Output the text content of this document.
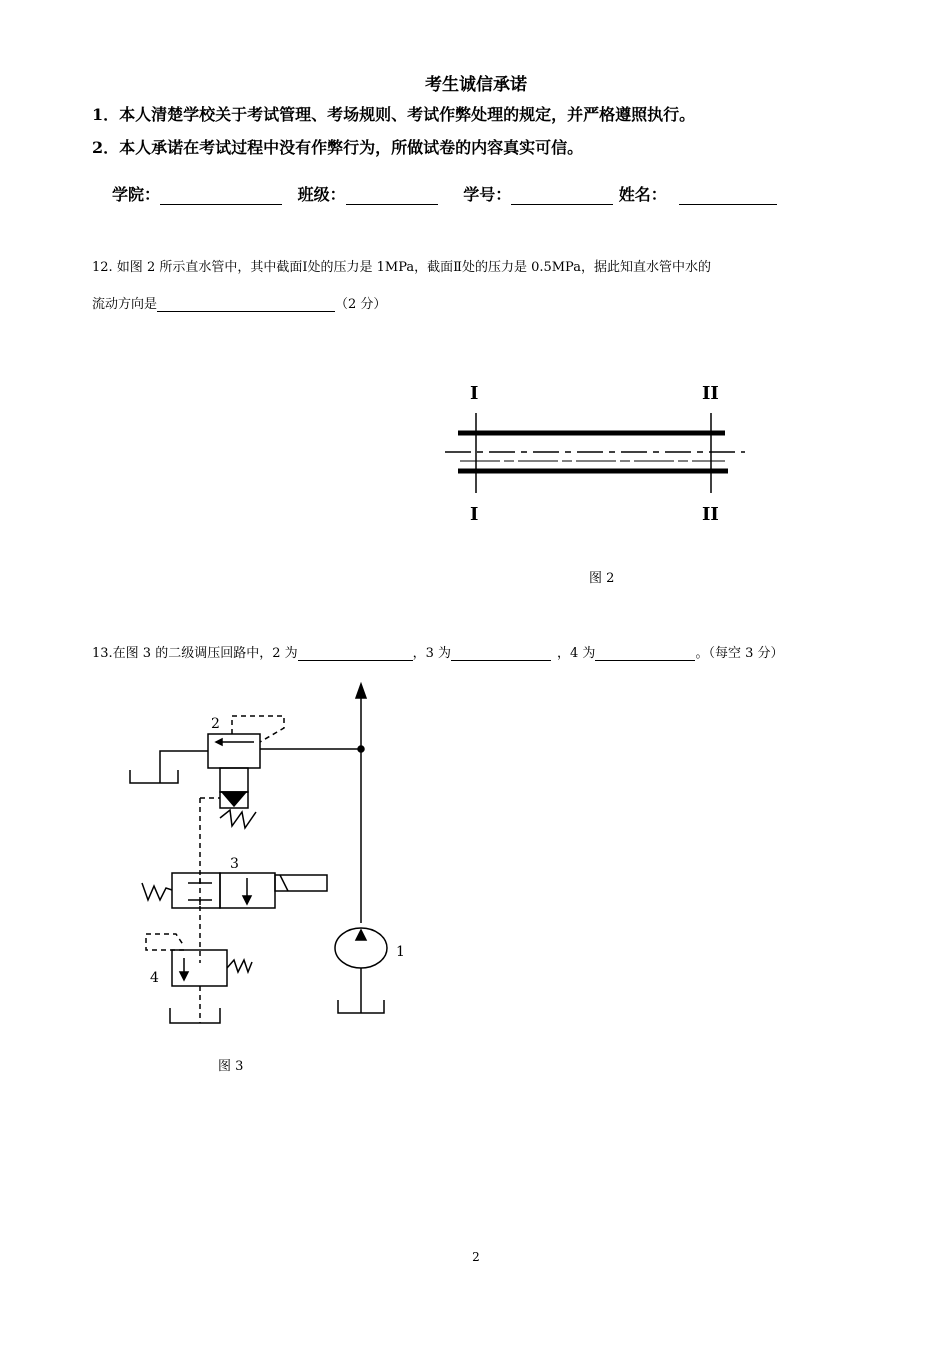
考生诚信承诺
1．本人清楚学校关于考试管理、考场规则、考试作弊处理的规定，并严格遵照执行。
2．本人承诺在考试过程中没有作弊行为，所做试卷的内容真实可信。
学院：	班级：	学号：	姓名：
12. 如图 2 所示直水管中，其中截面Ⅰ处的压力是 1MPa，截面Ⅱ处的压力是 0.5MPa，据此知直水管中水的
流动方向是	（2 分）
I
I
II
II
图 2
13.在图 3 的二级调压回路中，2 为	，3 为	，4 为	。（每空 3 分）
2
3
4
1
图 3
2
